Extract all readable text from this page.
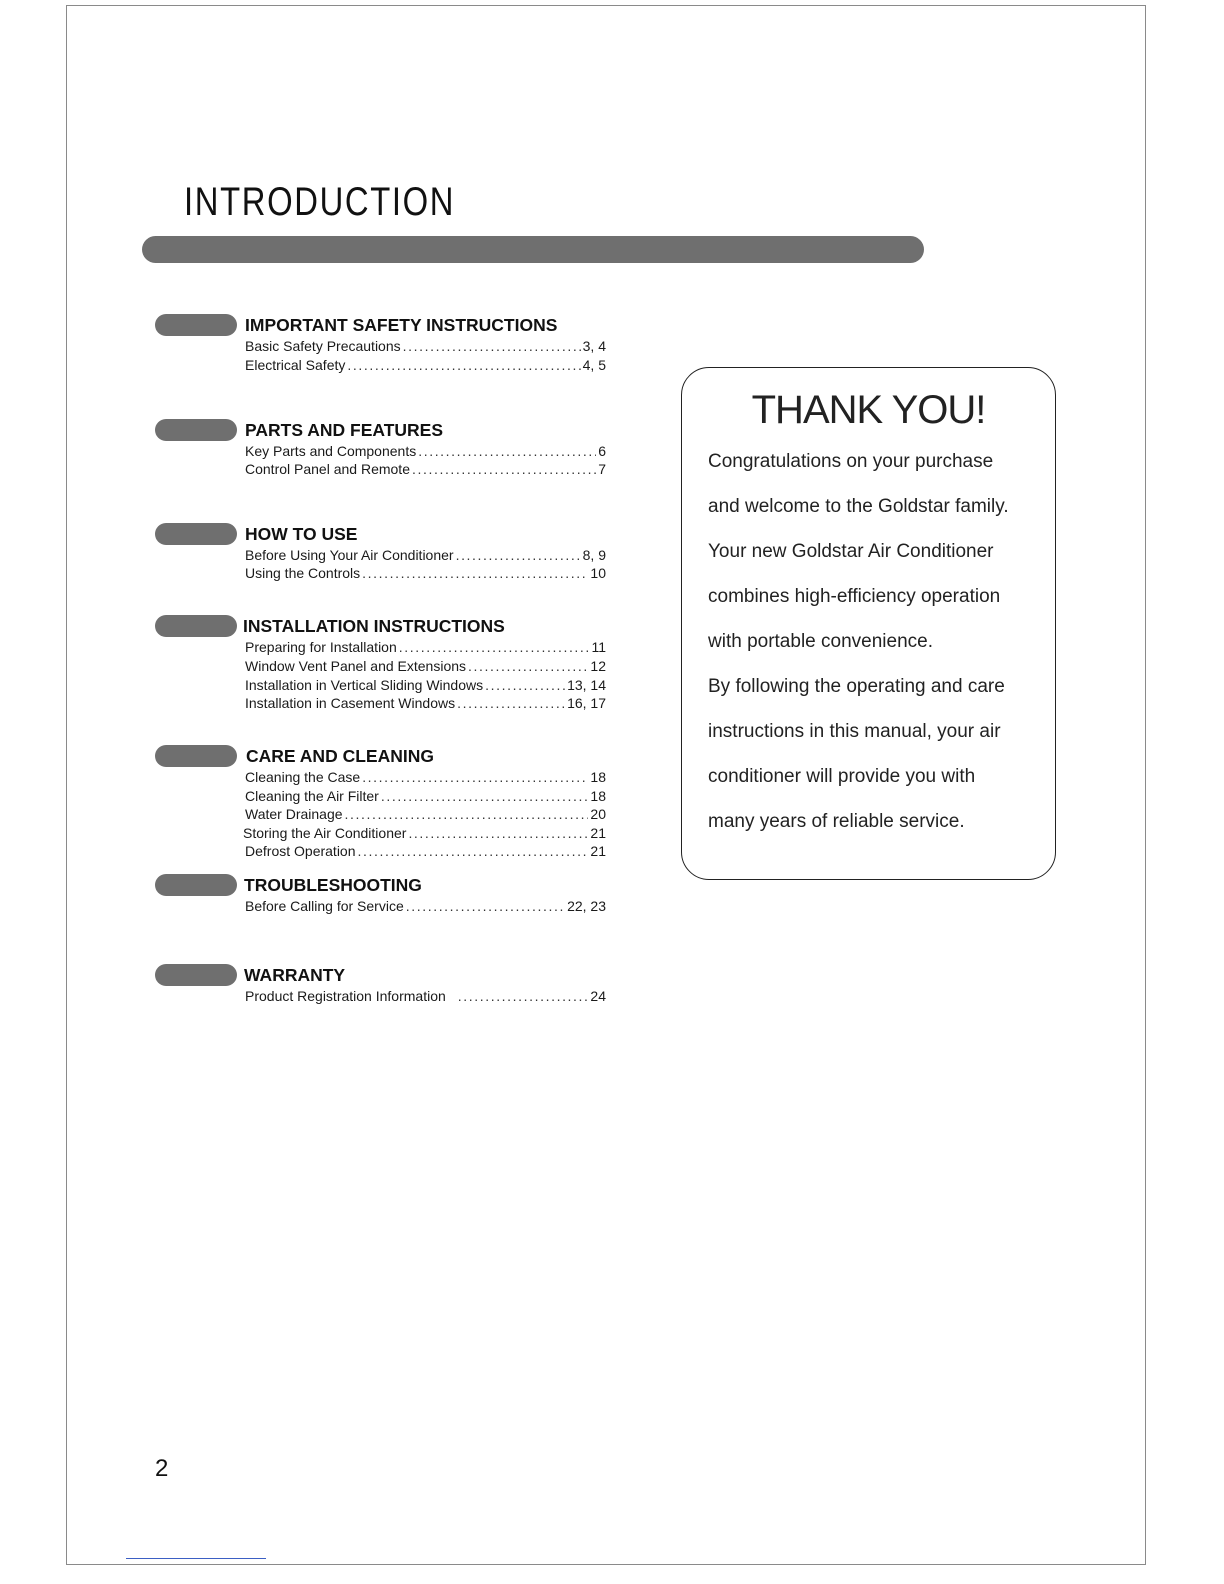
INTRODUCTION
IMPORTANT SAFETY INSTRUCTIONS
Basic Safety Precautions .....	3, 4
Electrical Safety .....	4, 5
PARTS AND FEATURES
Key Parts and Components .....	6
Control Panel and Remote .....	7
HOW TO USE
Before Using Your Air Conditioner .....	8, 9
Using the Controls .....	10
INSTALLATION INSTRUCTIONS
Preparing for Installation .....	11
Window Vent Panel and Extensions .....	12
Installation in Vertical Sliding Windows .....	13, 14
Installation in Casement Windows .....	16, 17
CARE AND CLEANING
Cleaning the Case .....	18
Cleaning the Air Filter .....	18
Water Drainage .....	20
Storing the Air Conditioner .....	21
Defrost Operation .....	21
TROUBLESHOOTING
Before Calling for Service .....	22, 23
WARRANTY
Product Registration Information .....	24
THANK YOU!
Congratulations on your purchase
and welcome to the Goldstar family.
Your new Goldstar Air Conditioner
combines high-efficiency operation
with portable convenience.
By following the operating and care
instructions in this manual, your air
conditioner will provide you with
many years of reliable service.
2
